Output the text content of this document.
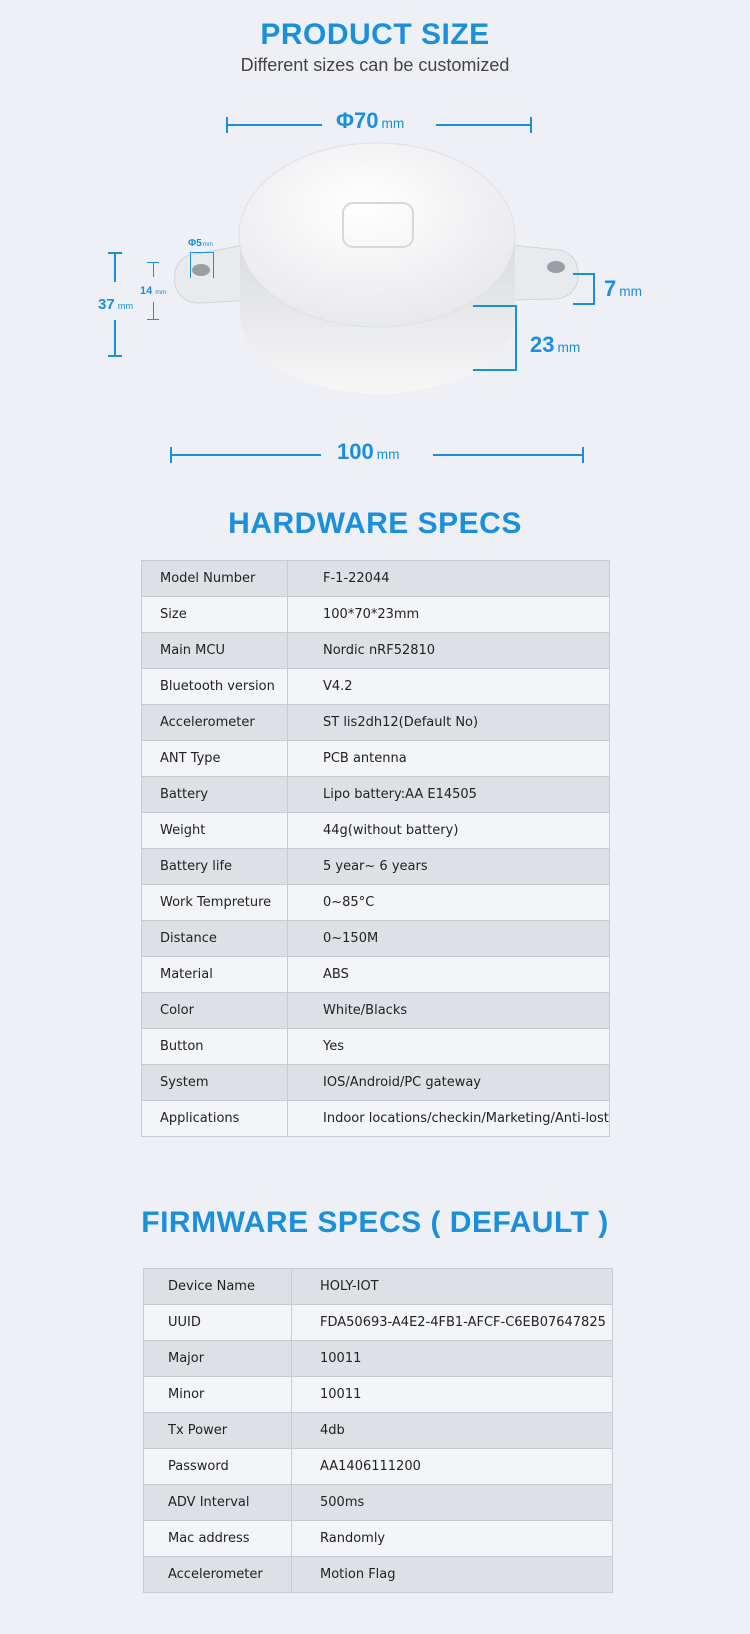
PRODUCT SIZE
Different sizes can be customized
Φ70 mm
Φ5mm
37 mm
14 mm	7 mm
23 mm
100 mm
HARDWARE SPECS
Model Number	F-1-22044
Size	100*70*23mm
Main MCU	Nordic nRF52810
Bluetooth version	V4.2
Accelerometer	ST lis2dh12(Default No)
ANT Type	PCB antenna
Battery	Lipo battery:AA E14505
Weight	44g(without battery)
Battery life	5 year~ 6 years
Work Tempreture	0~85°C
Distance	0~150M
Material	ABS
Color	White/Blacks
Button	Yes
System	IOS/Android/PC gateway
Applications	Indoor locations/checkin/Marketing/Anti-lost
FIRMWARE SPECS ( DEFAULT )
Device Name	HOLY-IOT
UUID	FDA50693-A4E2-4FB1-AFCF-C6EB07647825
Major	10011
Minor	10011
Tx Power	4db
Password	AA1406111200
ADV Interval	500ms
Mac address	Randomly
Accelerometer	Motion Flag
